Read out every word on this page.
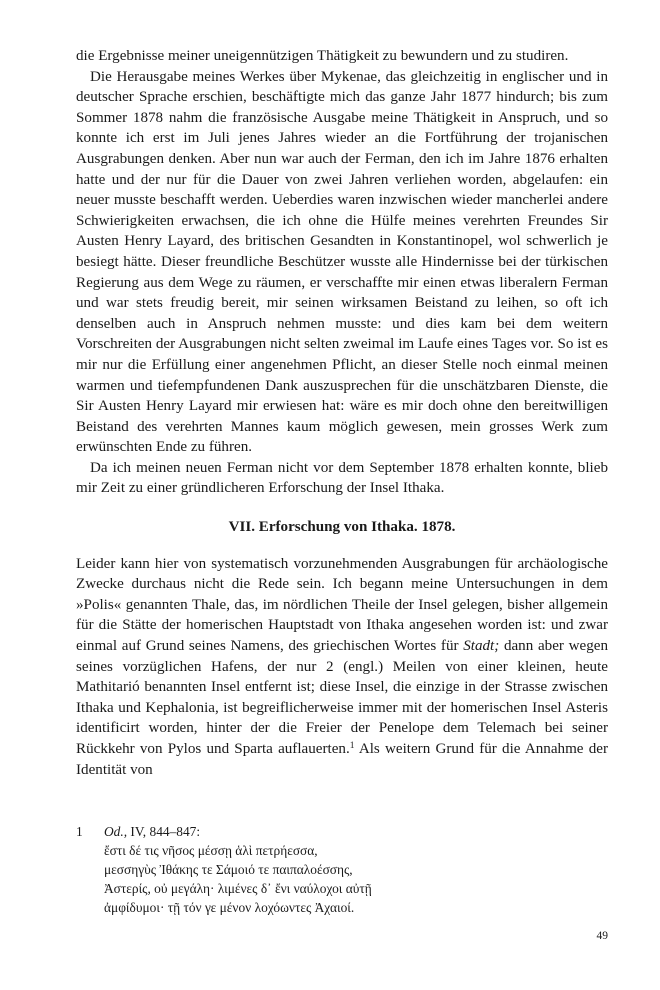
die Ergebnisse meiner uneigennützigen Thätigkeit zu bewundern und zu studiren.

Die Herausgabe meines Werkes über Mykenae, das gleichzeitig in englischer und in deutscher Sprache erschien, beschäftigte mich das ganze Jahr 1877 hindurch; bis zum Sommer 1878 nahm die französische Ausgabe meine Thätigkeit in Anspruch, und so konnte ich erst im Juli jenes Jahres wieder an die Fortführung der trojanischen Ausgrabungen denken. Aber nun war auch der Ferman, den ich im Jahre 1876 erhalten hatte und der nur für die Dauer von zwei Jahren verliehen worden, abgelaufen: ein neuer musste beschafft werden. Ueberdies waren inzwischen wieder mancherlei andere Schwierigkeiten erwachsen, die ich ohne die Hülfe meines verehrten Freundes Sir Austen Henry Layard, des britischen Gesandten in Konstantinopel, wol schwerlich je besiegt hätte. Dieser freundliche Beschützer wusste alle Hindernisse bei der türkischen Regierung aus dem Wege zu räumen, er verschaffte mir einen etwas liberalern Ferman und war stets freudig bereit, mir seinen wirksamen Beistand zu leihen, so oft ich denselben auch in Anspruch nehmen musste: und dies kam bei dem weitern Vorschreiten der Ausgrabungen nicht selten zweimal im Laufe eines Tages vor. So ist es mir nur die Erfüllung einer angenehmen Pflicht, an dieser Stelle noch einmal meinen warmen und tiefempfundenen Dank auszusprechen für die unschätzbaren Dienste, die Sir Austen Henry Layard mir erwiesen hat: wäre es mir doch ohne den bereitwilligen Beistand des verehrten Mannes kaum möglich gewesen, mein grosses Werk zum erwünschten Ende zu führen.

Da ich meinen neuen Ferman nicht vor dem September 1878 erhalten konnte, blieb mir Zeit zu einer gründlicheren Erforschung der Insel Ithaka.

VII. Erforschung von Ithaka. 1878.

Leider kann hier von systematisch vorzunehmenden Ausgrabungen für archäologische Zwecke durchaus nicht die Rede sein. Ich begann meine Untersuchungen in dem »Polis« genannten Thale, das, im nördlichen Theile der Insel gelegen, bisher allgemein für die Stätte der homerischen Hauptstadt von Ithaka angesehen worden ist: und zwar einmal auf Grund seines Namens, des griechischen Wortes für Stadt; dann aber wegen seines vorzüglichen Hafens, der nur 2 (engl.) Meilen von einer kleinen, heute Mathitarió benannten Insel entfernt ist; diese Insel, die einzige in der Strasse zwischen Ithaka und Kephalonia, ist begreiflicherweise immer mit der homerischen Insel Asteris identificirt worden, hinter der die Freier der Penelope dem Telemach bei seiner Rückkehr von Pylos und Sparta auflauerten.$^1$ Als weitern Grund für die Annahme der Identität von

1 Od., IV, 844–847:
ἔστι δέ τις νῆσος μέσσῃ ἁλὶ πετρήεσσα,
μεσσηγὺς Ἰθάκης τε Σάμοιό τε παιπαλοέσσης,
Ἀστερίς, οὐ μεγάλη· λιμένες δ᾽ ἔνι ναύλοχοι αὐτῇ
ἀμφίδυμοι· τῇ τόν γε μένον λοχόωντες Ἀχαιοί.
49
